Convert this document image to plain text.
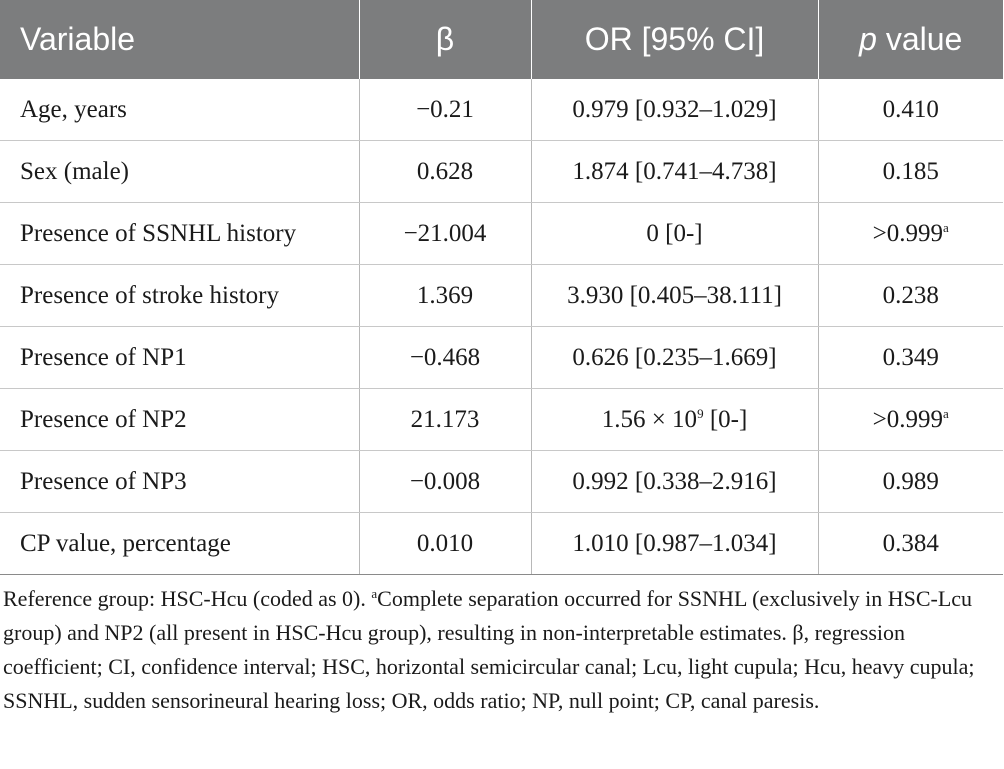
Variable	β	OR [95% CI]	p value
Age, years	−0.21	0.979 [0.932–1.029]	0.410
Sex (male)	0.628	1.874 [0.741–4.738]	0.185
Presence of SSNHL history	−21.004	0 [0-]	>0.999$^a$
Presence of stroke history	1.369	3.930 [0.405–38.111]	0.238
Presence of NP1	−0.468	0.626 [0.235–1.669]	0.349
Presence of NP2	21.173	$1.56 \times 10^9$ [0-]	>0.999$^a$
Presence of NP3	−0.008	0.992 [0.338–2.916]	0.989
CP value, percentage	0.010	1.010 [0.987–1.034]	0.384
Reference group: HSC-Hcu (coded as 0). $^a$Complete separation occurred for SSNHL (exclusively in HSC-Lcu group) and NP2 (all present in HSC-Hcu group), resulting in non-interpretable estimates. β, regression coefficient; CI, confidence interval; HSC, horizontal semicircular canal; Lcu, light cupula; Hcu, heavy cupula; SSNHL, sudden sensorineural hearing loss; OR, odds ratio; NP, null point; CP, canal paresis.
